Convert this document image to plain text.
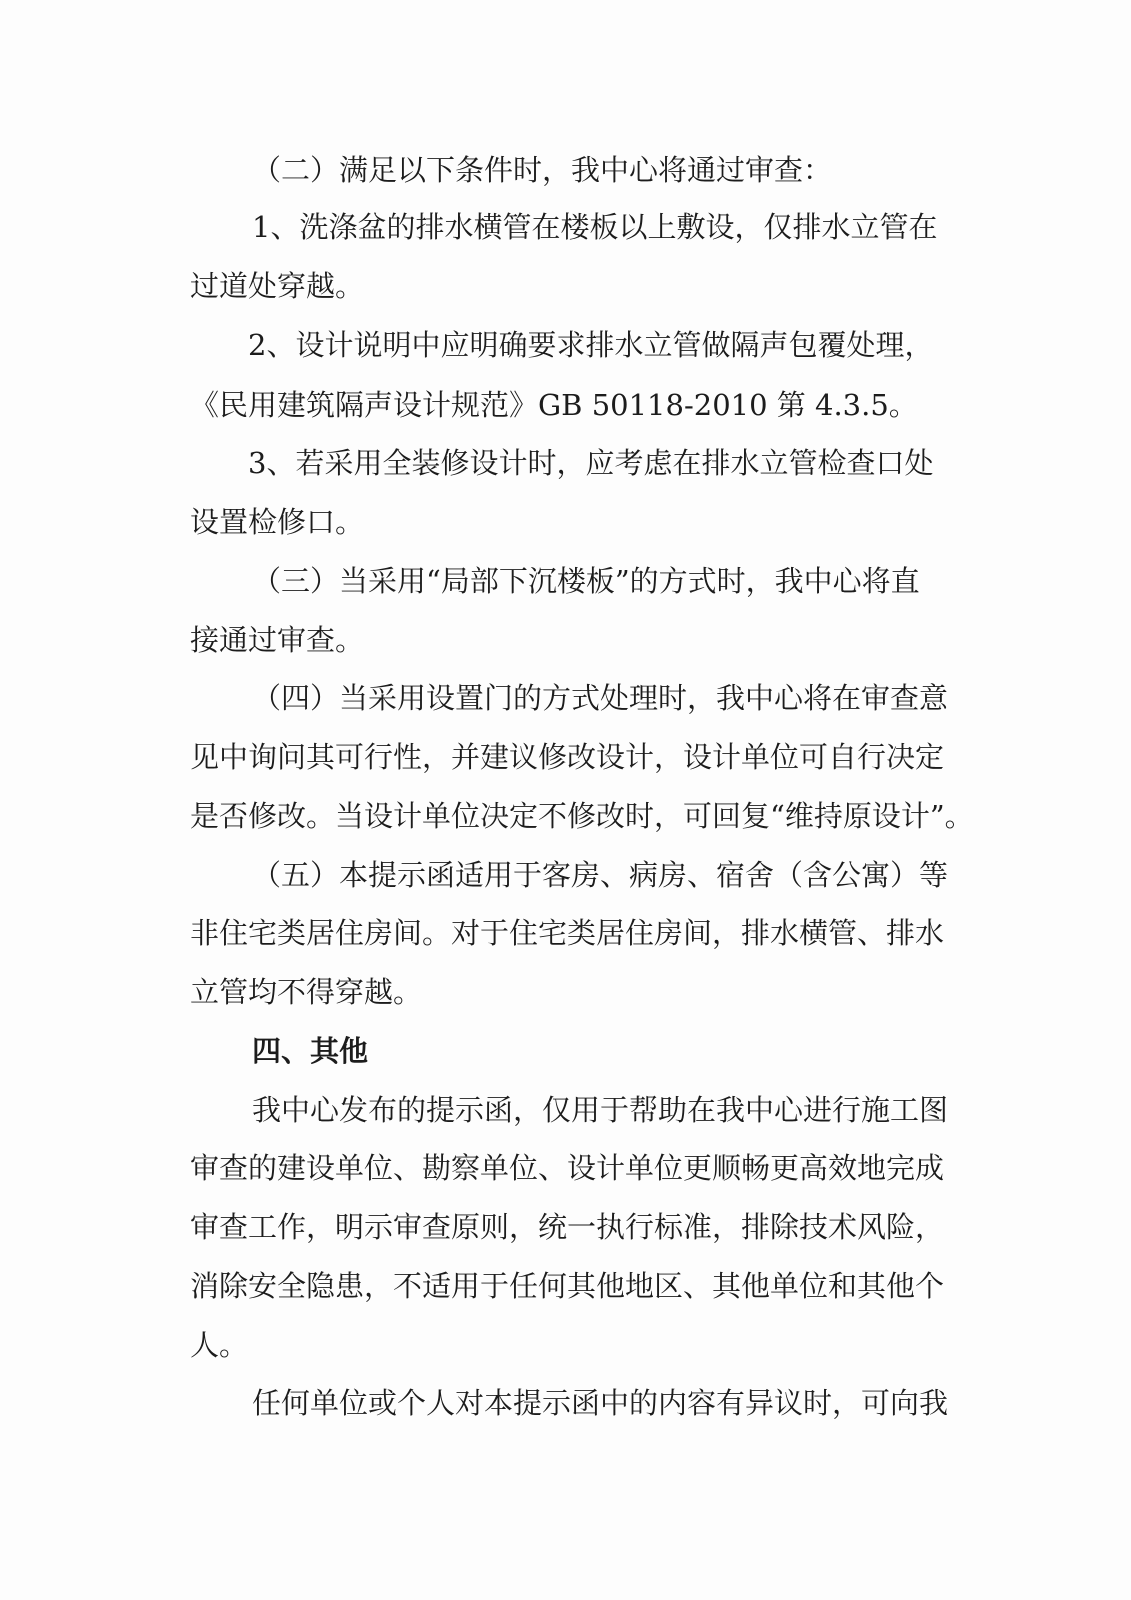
（二）满足以下条件时，我中心将通过审查：

1、洗涤盆的排水横管在楼板以上敷设，仅排水立管在

过道处穿越。

2、设计说明中应明确要求排水立管做隔声包覆处理，

《民用建筑隔声设计规范》GB 50118-2010 第 4.3.5。

3、若采用全装修设计时，应考虑在排水立管检查口处

设置检修口。

（三）当采用“局部下沉楼板”的方式时，我中心将直

接通过审查。

（四）当采用设置门的方式处理时，我中心将在审查意

见中询问其可行性，并建议修改设计，设计单位可自行决定

是否修改。当设计单位决定不修改时，可回复“维持原设计”。

（五）本提示函适用于客房、病房、宿舍（含公寓）等

非住宅类居住房间。对于住宅类居住房间，排水横管、排水

立管均不得穿越。

四、其他

我中心发布的提示函，仅用于帮助在我中心进行施工图

审查的建设单位、勘察单位、设计单位更顺畅更高效地完成

审查工作，明示审查原则，统一执行标准，排除技术风险，

消除安全隐患，不适用于任何其他地区、其他单位和其他个

人。

任何单位或个人对本提示函中的内容有异议时，可向我
